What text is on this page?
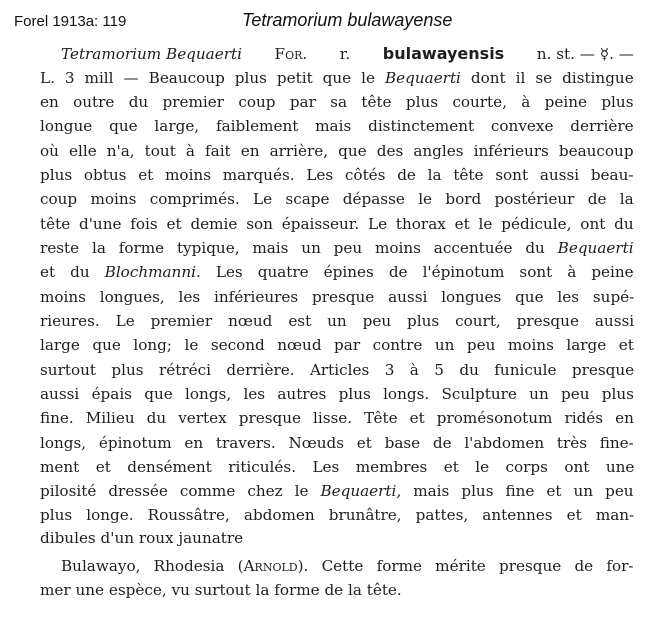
Forel 1913a: 119	Tetramorium bulawayense
Tetramorium Bequaerti For. r. bulawayensis n. st. — ☿. —
L. 3 mill — Beaucoup plus petit que le Bequaerti dont il se distingue
en outre du premier coup par sa tête plus courte, à peine plus
longue que large, faiblement mais distinctement convexe derrière
où elle n'a, tout à fait en arrière, que des angles inférieurs beaucoup
plus obtus et moins marqués. Les côtés de la tête sont aussi beau-
coup moins comprimés. Le scape dépasse le bord postérieur de la
tête d'une fois et demie son épaisseur. Le thorax et le pédicule, ont du
reste la forme typique, mais un peu moins accentuée du Bequaerti
et du Blochmanni. Les quatre épines de l'épinotum sont à peine
moins longues, les inférieures presque aussi longues que les supé-
rieures. Le premier nœud est un peu plus court, presque aussi
large que long; le second nœud par contre un peu moins large et
surtout plus rétréci derrière. Articles 3 à 5 du funicule presque
aussi épais que longs, les autres plus longs. Sculpture un peu plus
fine. Milieu du vertex presque lisse. Tête et promésonotum ridés en
longs, épinotum en travers. Nœuds et base de l'abdomen très fine-
ment et densément riticulés. Les membres et le corps ont une
pilosité dressée comme chez le Bequaerti, mais plus fine et un peu
plus longe. Roussâtre, abdomen brunâtre, pattes, antennes et man-
dibules d'un roux jaunatre
Bulawayo, Rhodesia (Arnold). Cette forme mérite presque de for-
mer une espèce, vu surtout la forme de la tête.
